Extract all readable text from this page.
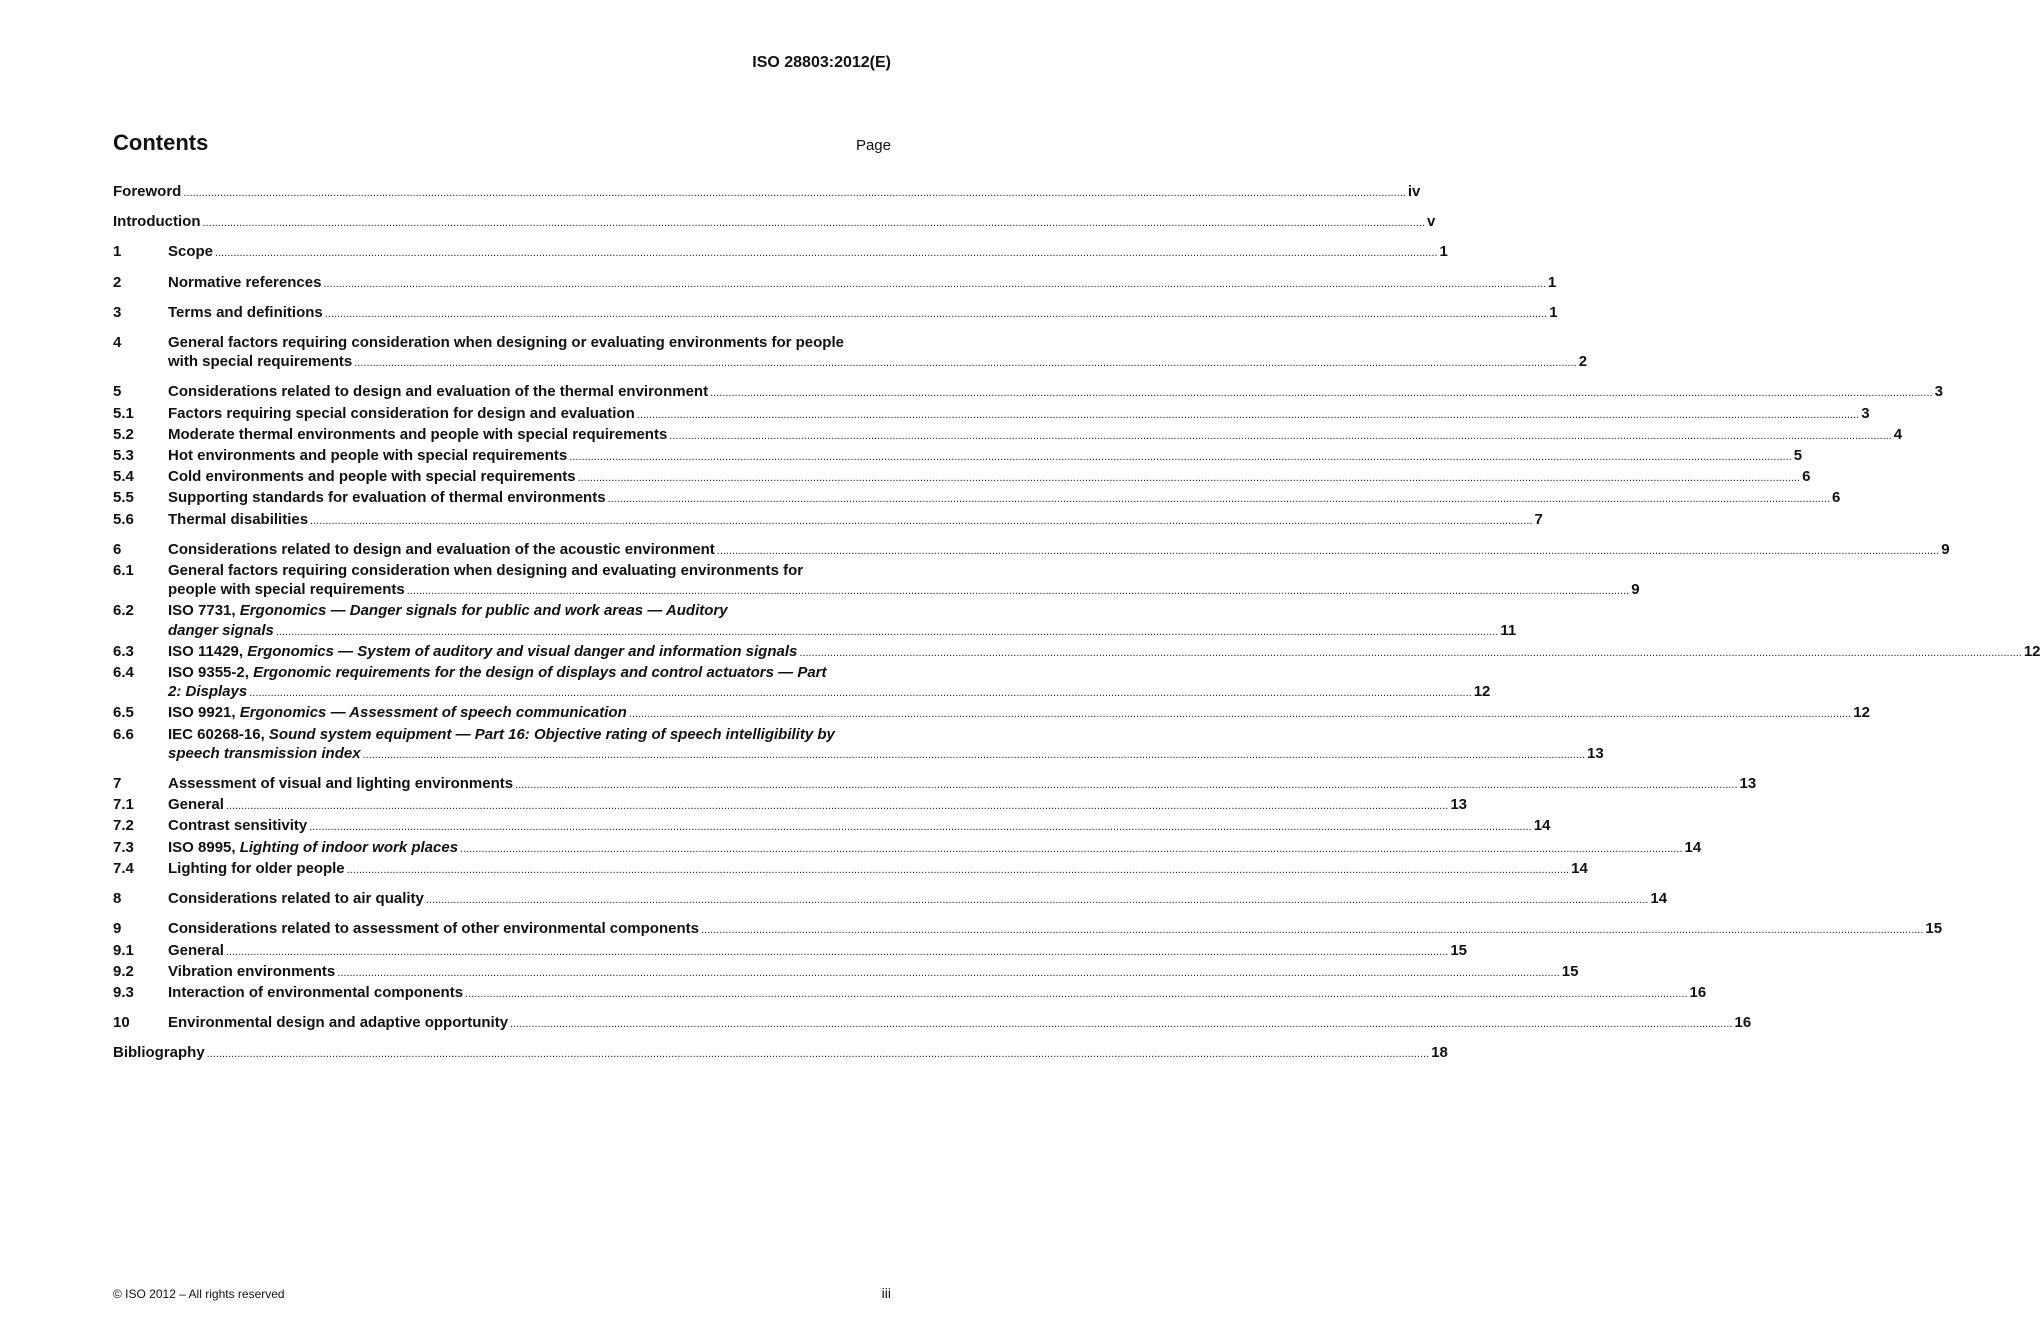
ISO 28803:2012(E)
Contents	Page
Foreword ................................................................................................................................................................................................................................................................................................................................................................................................................ iv
Introduction ................................................................................................................................................................................................................................................................................................................................................................................................................ v
1	Scope ................................................................................................................................................................................................................................................................................................................................................................................................................ 1
2	Normative references ................................................................................................................................................................................................................................................................................................................................................................................................................ 1
3	Terms and definitions ................................................................................................................................................................................................................................................................................................................................................................................................................ 1
4	General factors requiring consideration when designing or evaluating environments for people
with special requirements ................................................................................................................................................................................................................................................................................................................................................................................................................ 2
5	Considerations related to design and evaluation of the thermal environment ................................................................................................................................................................................................................................................................................................................................................................................................................ 3
5.1 Factors requiring special consideration for design and evaluation ................................................................................................................................................................................................................................................................................................................................................................................................................ 3
5.2 Moderate thermal environments and people with special requirements ................................................................................................................................................................................................................................................................................................................................................................................................................ 4
5.3 Hot environments and people with special requirements ................................................................................................................................................................................................................................................................................................................................................................................................................ 5
5.4 Cold environments and people with special requirements ................................................................................................................................................................................................................................................................................................................................................................................................................ 6
5.5 Supporting standards for evaluation of thermal environments ................................................................................................................................................................................................................................................................................................................................................................................................................ 6
5.6 Thermal disabilities ................................................................................................................................................................................................................................................................................................................................................................................................................ 7
6	Considerations related to design and evaluation of the acoustic environment ................................................................................................................................................................................................................................................................................................................................................................................................................ 9
6.1 General factors requiring consideration when designing and evaluating environments for
people with special requirements ................................................................................................................................................................................................................................................................................................................................................................................................................ 9
6.2 ISO 7731, Ergonomics — Danger signals for public and work areas — Auditory
danger signals ................................................................................................................................................................................................................................................................................................................................................................................................................ 11
6.3 ISO 11429, Ergonomics — System of auditory and visual danger and information signals ................................................................................................................................................................................................................................................................................................................................................................................................................ 12
6.4 ISO 9355-2, Ergonomic requirements for the design of displays and control actuators — Part
2: Displays ................................................................................................................................................................................................................................................................................................................................................................................................................ 12
6.5 ISO 9921, Ergonomics — Assessment of speech communication ................................................................................................................................................................................................................................................................................................................................................................................................................ 12
6.6 IEC 60268-16, Sound system equipment — Part 16: Objective rating of speech intelligibility by
speech transmission index ................................................................................................................................................................................................................................................................................................................................................................................................................ 13
7	Assessment of visual and lighting environments ................................................................................................................................................................................................................................................................................................................................................................................................................ 13
7.1 General ................................................................................................................................................................................................................................................................................................................................................................................................................ 13
7.2 Contrast sensitivity ................................................................................................................................................................................................................................................................................................................................................................................................................ 14
7.3 ISO 8995, Lighting of indoor work places ................................................................................................................................................................................................................................................................................................................................................................................................................ 14
7.4 Lighting for older people ................................................................................................................................................................................................................................................................................................................................................................................................................ 14
8	Considerations related to air quality ................................................................................................................................................................................................................................................................................................................................................................................................................ 14
9	Considerations related to assessment of other environmental components ................................................................................................................................................................................................................................................................................................................................................................................................................ 15
9.1 General ................................................................................................................................................................................................................................................................................................................................................................................................................ 15
9.2 Vibration environments ................................................................................................................................................................................................................................................................................................................................................................................................................ 15
9.3 Interaction of environmental components ................................................................................................................................................................................................................................................................................................................................................................................................................ 16
10	Environmental design and adaptive opportunity ................................................................................................................................................................................................................................................................................................................................................................................................................ 16
Bibliography ................................................................................................................................................................................................................................................................................................................................................................................................................ 18
© ISO 2012 – All rights reserved	iii
